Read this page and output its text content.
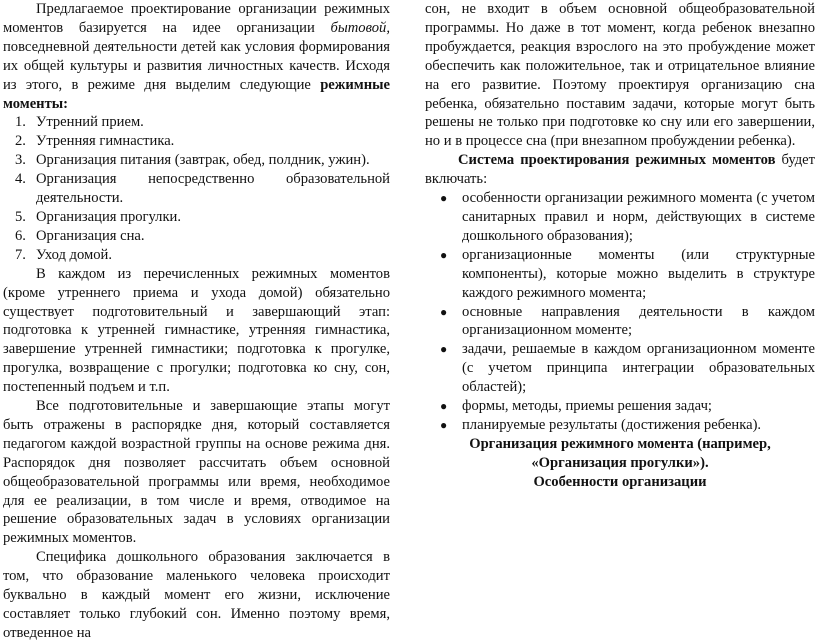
Предлагаемое проектирование организации режимных моментов базируется на идее организации бытовой, повседневной деятельности детей как условия формирования их общей культуры и развития личностных качеств. Исходя из этого, в режиме дня выделим следующие режимные моменты:

1. Утренний прием.
2. Утренняя гимнастика.
3. Организация питания (завтрак, обед, полдник, ужин).
4. Организация непосредственно образовательной деятельности.
5. Организация прогулки.
6. Организация сна.
7. Уход домой.

В каждом из перечисленных режимных моментов (кроме утреннего приема и ухода домой) обязательно существует подготовительный и завершающий этап: подготовка к утренней гимнастике, утренняя гимнастика, завершение утренней гимнастики; подготовка к прогулке, прогулка, возвращение с прогулки; подготовка ко сну, сон, постепенный подъем и т.п.

Все подготовительные и завершающие этапы могут быть отражены в распорядке дня, который составляется педагогом каждой возрастной группы на основе режима дня. Распорядок дня позволяет рассчитать объем основной общеобразовательной программы или время, необходимое для ее реализации, в том числе и время, отводимое на решение образовательных задач в условиях организации режимных моментов.

Специфика дошкольного образования заключается в том, что образование маленького человека происходит буквально в каждый момент его жизни, исключение составляет только глубокий сон. Именно поэтому время, отведенное на

сон, не входит в объем основной общеобразовательной программы. Но даже в тот момент, когда ребенок внезапно пробуждается, реакция взрослого на это пробуждение может обеспечить как положительное, так и отрицательное влияние на его развитие. Поэтому проектируя организацию сна ребенка, обязательно поставим задачи, которые могут быть решены не только при подготовке ко сну или его завершении, но и в процессе сна (при внезапном пробуждении ребенка).

Система проектирования режимных моментов будет включать:

● особенности организации режимного момента (с учетом санитарных правил и норм, действующих в системе дошкольного образования);
● организационные моменты (или структурные компоненты), которые можно выделить в структуре каждого режимного момента;
● основные направления деятельности в каждом организационном моменте;
● задачи, решаемые в каждом организационном моменте (с учетом принципа интеграции образовательных областей);
● формы, методы, приемы решения задач;
● планируемые результаты (достижения ребенка).

Организация режимного момента (например,

«Организация прогулки»).

Особенности организации
